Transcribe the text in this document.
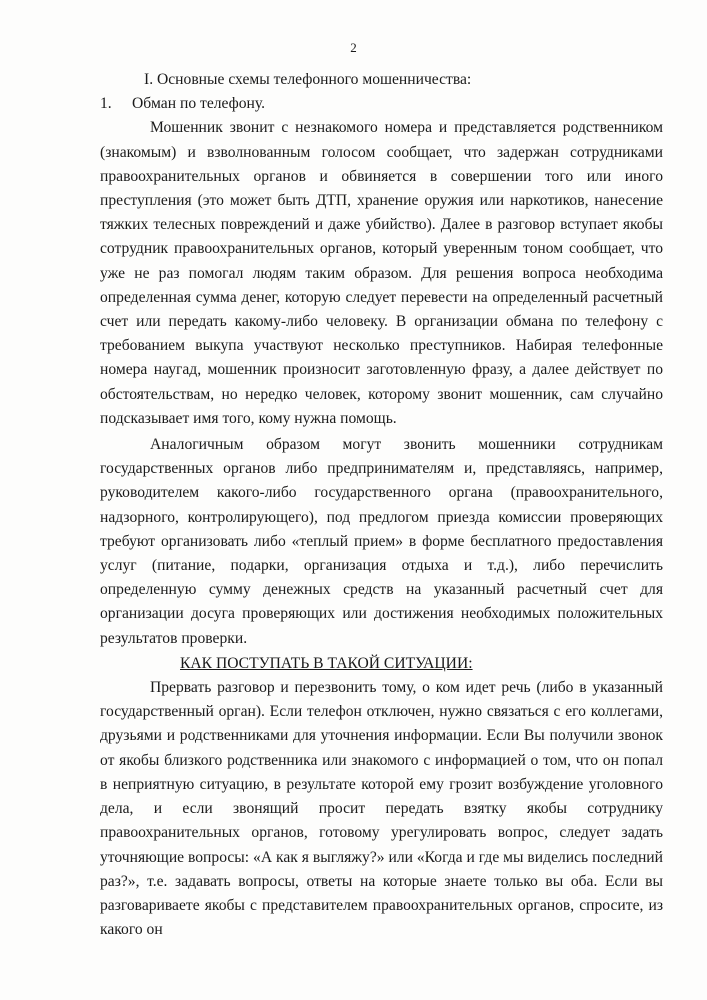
2

I. Основные схемы телефонного мошенничества:

1. Обман по телефону.

Мошенник звонит с незнакомого номера и представляется родственником (знакомым) и взволнованным голосом сообщает, что задержан сотрудниками правоохранительных органов и обвиняется в совершении того или иного преступления (это может быть ДТП, хранение оружия или наркотиков, нанесение тяжких телесных повреждений и даже убийство). Далее в разговор вступает якобы сотрудник правоохранительных органов, который уверенным тоном сообщает, что уже не раз помогал людям таким образом. Для решения вопроса необходима определенная сумма денег, которую следует перевести на определенный расчетный счет или передать какому-либо человеку. В организации обмана по телефону с требованием выкупа участвуют несколько преступников. Набирая телефонные номера наугад, мошенник произносит заготовленную фразу, а далее действует по обстоятельствам, но нередко человек, которому звонит мошенник, сам случайно подсказывает имя того, кому нужна помощь.

Аналогичным образом могут звонить мошенники сотрудникам государственных органов либо предпринимателям и, представляясь, например, руководителем какого-либо государственного органа (правоохранительного, надзорного, контролирующего), под предлогом приезда комиссии проверяющих требуют организовать либо «теплый прием» в форме бесплатного предоставления услуг (питание, подарки, организация отдыха и т.д.), либо перечислить определенную сумму денежных средств на указанный расчетный счет для организации досуга проверяющих или достижения необходимых положительных результатов проверки.

КАК ПОСТУПАТЬ В ТАКОЙ СИТУАЦИИ:

Прервать разговор и перезвонить тому, о ком идет речь (либо в указанный государственный орган). Если телефон отключен, нужно связаться с его коллегами, друзьями и родственниками для уточнения информации. Если Вы получили звонок от якобы близкого родственника или знакомого с информацией о том, что он попал в неприятную ситуацию, в результате которой ему грозит возбуждение уголовного дела, и если звонящий просит передать взятку якобы сотруднику правоохранительных органов, готовому урегулировать вопрос, следует задать уточняющие вопросы: «А как я выгляжу?» или «Когда и где мы виделись последний раз?», т.е. задавать вопросы, ответы на которые знаете только вы оба. Если вы разговариваете якобы с представителем правоохранительных органов, спросите, из какого он
